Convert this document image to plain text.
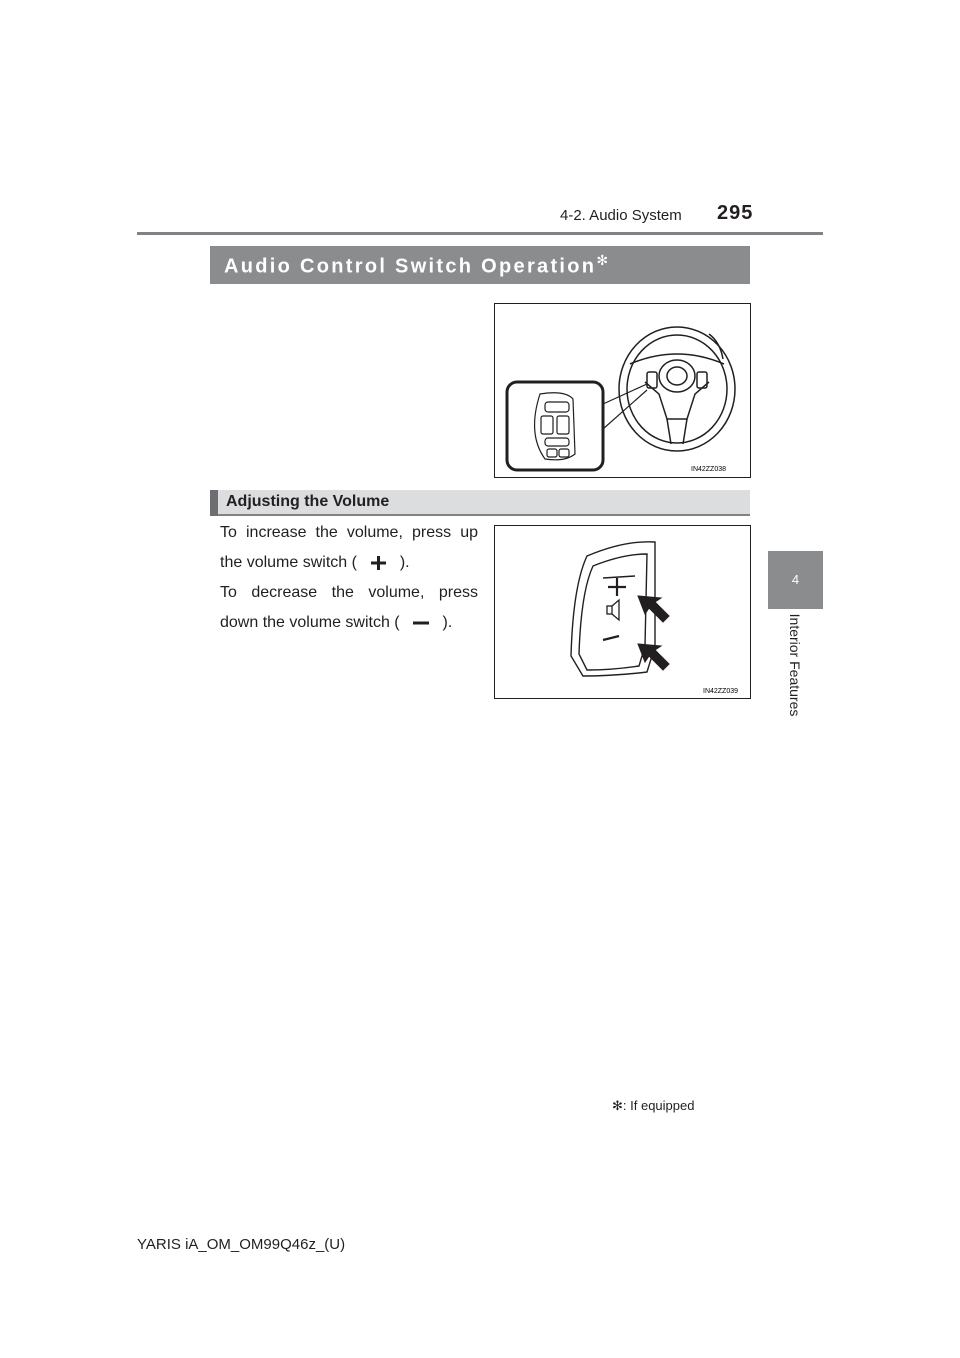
4-2. Audio System 295
4
Interior Features
Audio Control Switch Operation✻
IN42ZZ038
Adjusting the Volume

To increase the volume, press up

the volume switch (	).

To decrease the volume, press

down the volume switch (	).

IN42ZZ039
✻: If equipped
YARIS iA_OM_OM99Q46z_(U)
